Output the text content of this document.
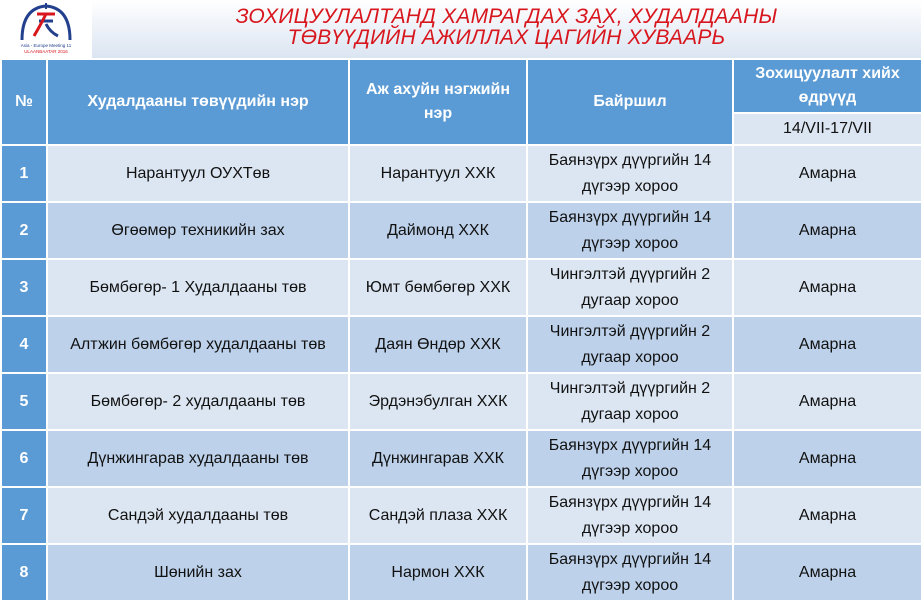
Asia - Europe Meeting 11
ULAANBAATAR 2016
ЗОХИЦУУЛАЛТАНД ХАМРАГДАХ ЗАХ, ХУДАЛДААНЫ
ТӨВҮҮДИЙН АЖИЛЛАХ ЦАГИЙН ХУВААРЬ
№	Худалдааны төвүүдийн нэр	Аж ахуйн нэгжийн нэр	Байршил	Зохицуулалт хийх өдрүүд
				14/VII-17/VII
1	Нарантуул ОУХТөв	Нарантуул ХХК	Баянзүрх дүүргийн 14 дүгээр хороо	Амарна
2	Өгөөмөр техникийн зах	Даймонд ХХК	Баянзүрх дүүргийн 14 дүгээр хороо	Амарна
3	Бөмбөгөр- 1 Худалдааны төв	Юмт бөмбөгөр ХХК	Чингэлтэй дүүргийн 2 дугаар хороо	Амарна
4	Алтжин бөмбөгөр худалдааны төв	Даян Өндөр ХХК	Чингэлтэй дүүргийн 2 дугаар хороо	Амарна
5	Бөмбөгөр- 2 худалдааны төв	Эрдэнэбулган ХХК	Чингэлтэй дүүргийн 2 дугаар хороо	Амарна
6	Дүнжингарав худалдааны төв	Дүнжингарав ХХК	Баянзүрх дүүргийн 14 дүгээр хороо	Амарна
7	Сандэй худалдааны төв	Сандэй плаза ХХК	Баянзүрх дүүргийн 14 дүгээр хороо	Амарна
8	Шөнийн зах	Нармон ХХК	Баянзүрх дүүргийн 14 дүгээр хороо	Амарна
